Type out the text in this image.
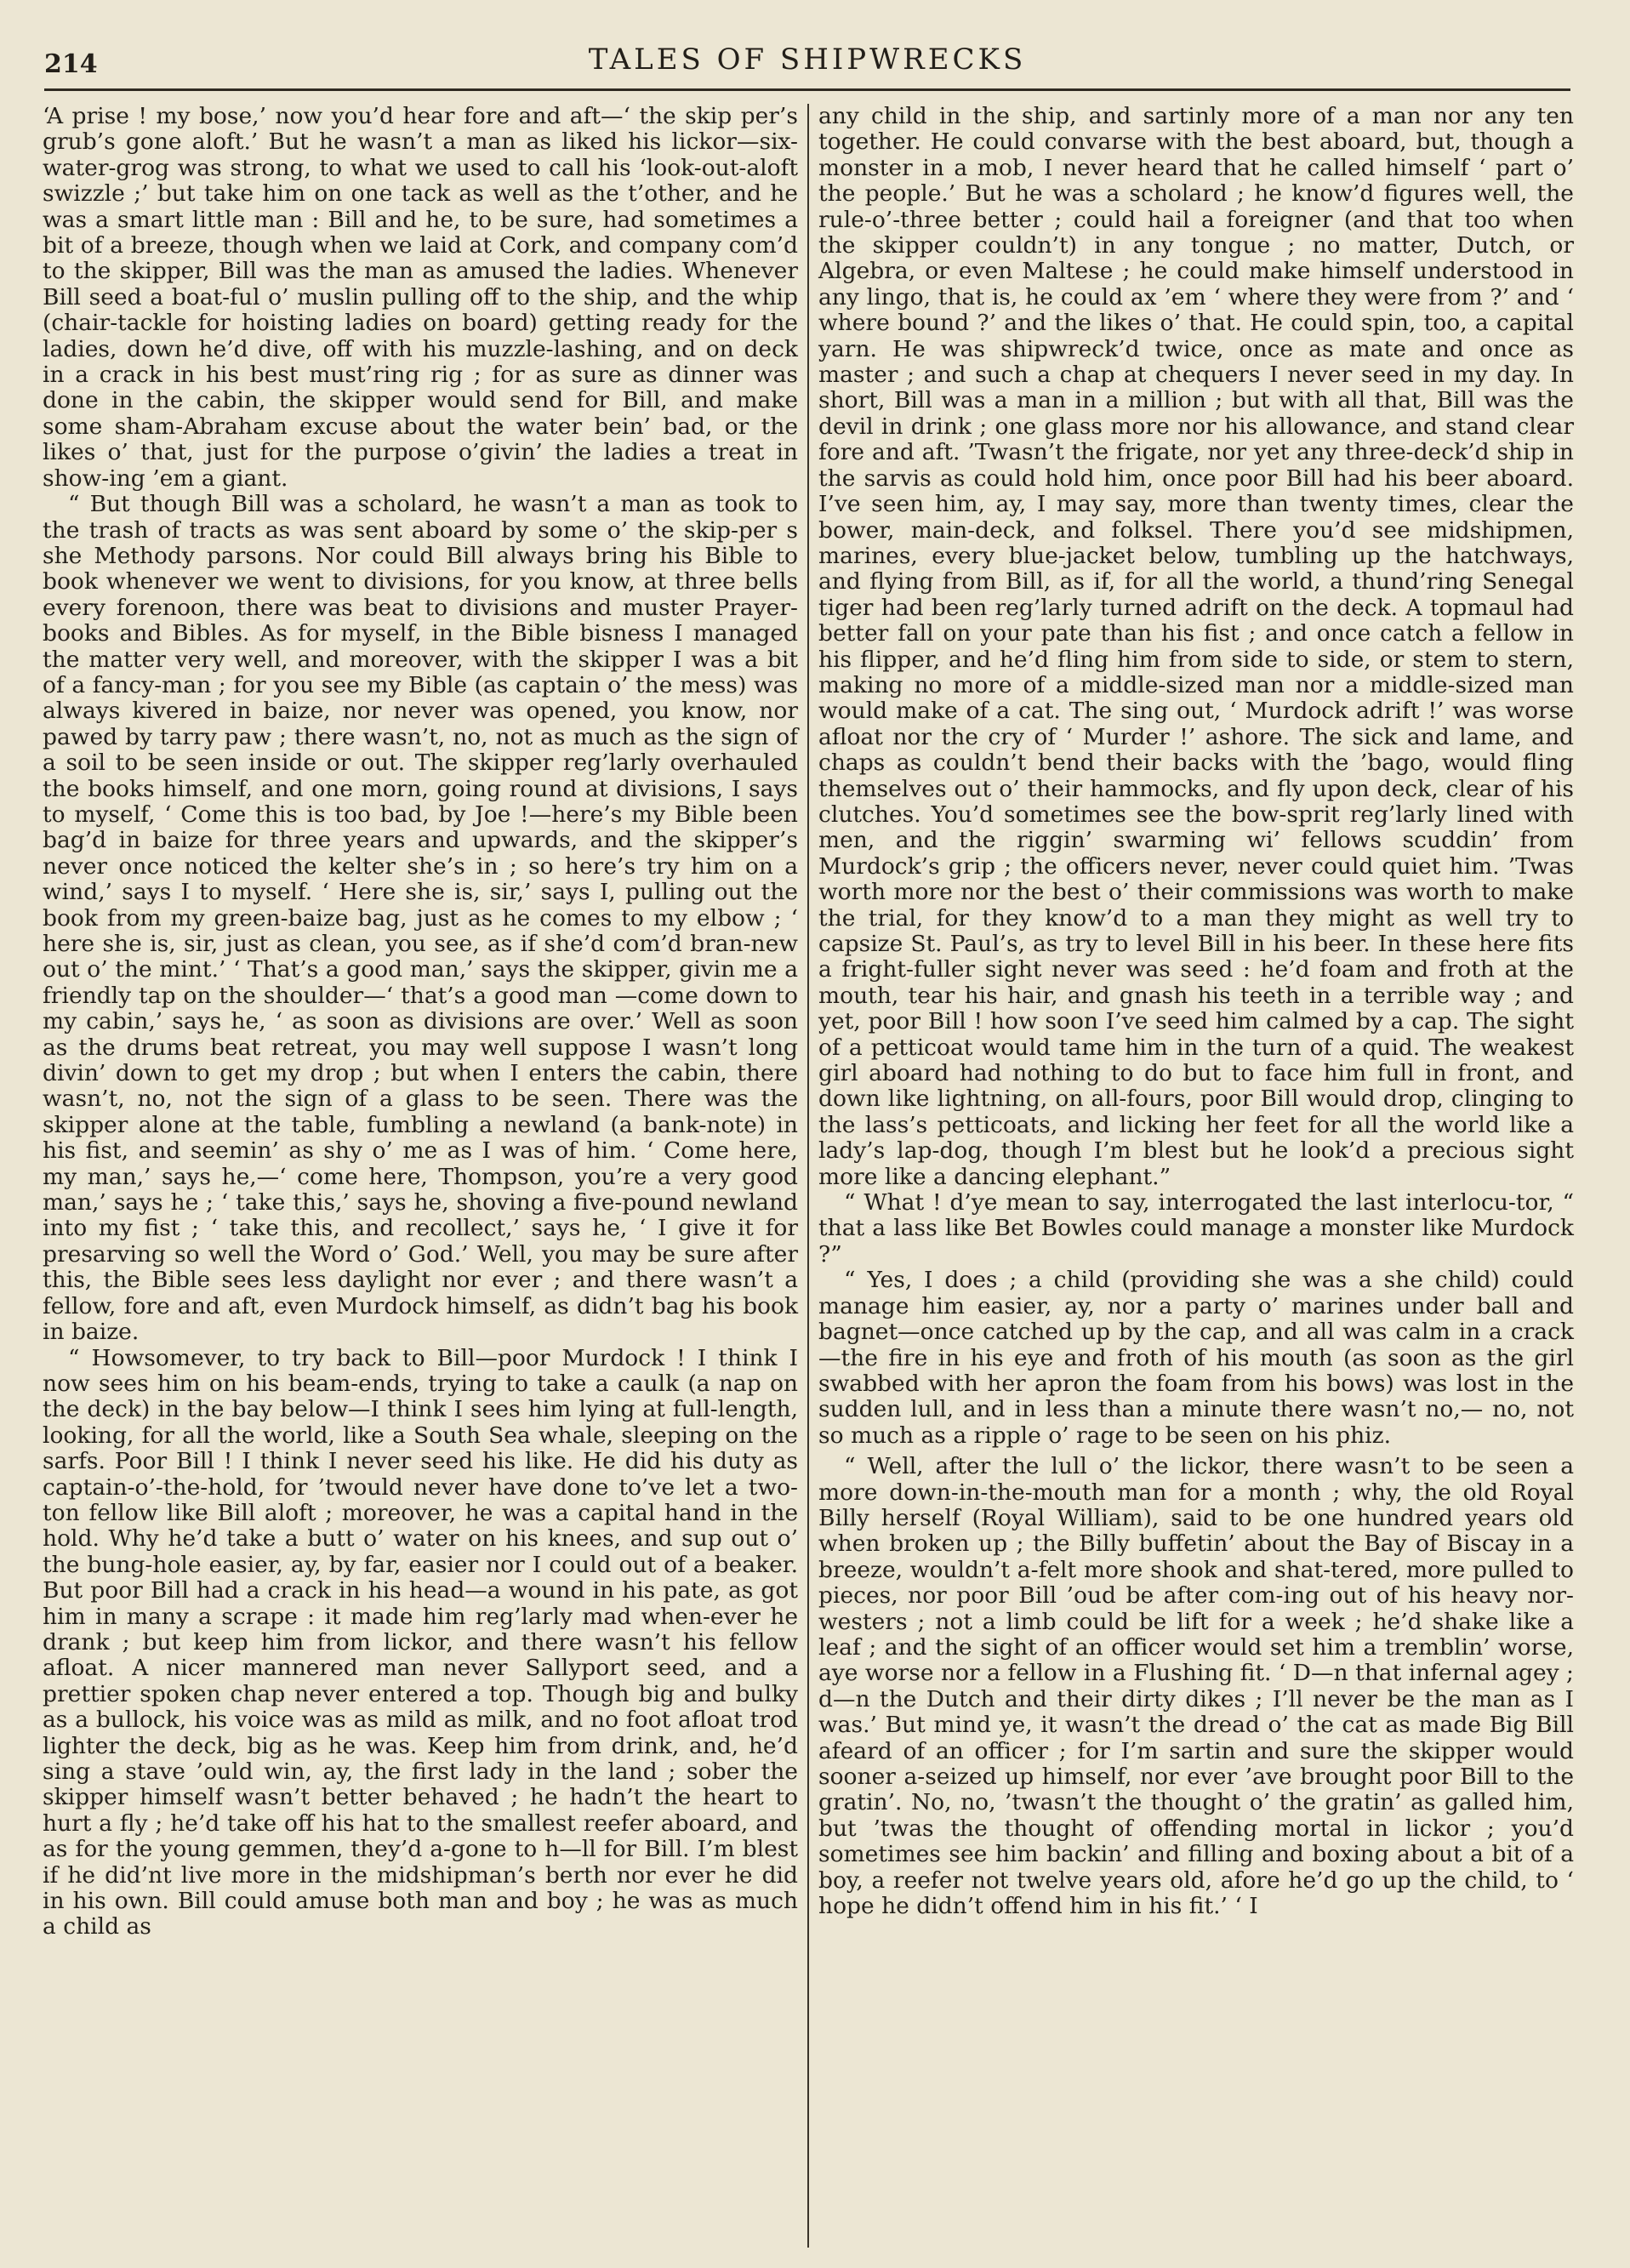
214	TALES OF SHIPWRECKS

‘A prise ! my bose,’ now you’d hear fore and aft—‘ the skip per’s grub’s gone aloft.’ But he wasn’t a man as liked his lickor—six-water-grog was strong, to what we used to call his ‘look-out-aloft swizzle ;’ but take him on one tack as well as the t’other, and he was a smart little man : Bill and he, to be sure, had sometimes a bit of a breeze, though when we laid at Cork, and company com’d to the skipper, Bill was the man as amused the ladies. Whenever Bill seed a boat-ful o’ muslin pulling off to the ship, and the whip (chair-tackle for hoisting ladies on board) getting ready for the ladies, down he’d dive, off with his muzzle-lashing, and on deck in a crack in his best must’ring rig ; for as sure as dinner was done in the cabin, the skipper would send for Bill, and make some sham-Abraham excuse about the water bein’ bad, or the likes o’ that, just for the purpose o’givin’ the ladies a treat in show-ing ’em a giant.

“ But though Bill was a scholard, he wasn’t a man as took to the trash of tracts as was sent aboard by some o’ the skip-per s she Methody parsons. Nor could Bill always bring his Bible to book whenever we went to divisions, for you know, at three bells every forenoon, there was beat to divisions and muster Prayer-books and Bibles. As for myself, in the Bible bisness I managed the matter very well, and moreover, with the skipper I was a bit of a fancy-man ; for you see my Bible (as captain o’ the mess) was always kivered in baize, nor never was opened, you know, nor pawed by tarry paw ; there wasn’t, no, not as much as the sign of a soil to be seen inside or out. The skipper reg’larly overhauled the books himself, and one morn, going round at divisions, I says to myself, ‘ Come this is too bad, by Joe !—here’s my Bible been bag’d in baize for three years and upwards, and the skipper’s never once noticed the kelter she’s in ; so here’s try him on a wind,’ says I to myself. ‘ Here she is, sir,’ says I, pulling out the book from my green-baize bag, just as he comes to my elbow ; ‘ here she is, sir, just as clean, you see, as if she’d com’d bran-new out o’ the mint.’ ‘ That’s a good man,’ says the skipper, givin me a friendly tap on the shoulder—‘ that’s a good man —come down to my cabin,’ says he, ‘ as soon as divisions are over.’ Well as soon as the drums beat retreat, you may well suppose I wasn’t long divin’ down to get my drop ; but when I enters the cabin, there wasn’t, no, not the sign of a glass to be seen. There was the skipper alone at the table, fumbling a newland (a bank-note) in his fist, and seemin’ as shy o’ me as I was of him. ‘ Come here, my man,’ says he,—‘ come here, Thompson, you’re a very good man,’ says he ; ‘ take this,’ says he, shoving a five-pound newland into my fist ; ‘ take this, and recollect,’ says he, ‘ I give it for presarving so well the Word o’ God.’ Well, you may be sure after this, the Bible sees less daylight nor ever ; and there wasn’t a fellow, fore and aft, even Murdock himself, as didn’t bag his book in baize.

“ Howsomever, to try back to Bill—poor Murdock ! I think I now sees him on his beam-ends, trying to take a caulk (a nap on the deck) in the bay below—I think I sees him lying at full-length, looking, for all the world, like a South Sea whale, sleeping on the sarfs. Poor Bill ! I think I never seed his like. He did his duty as captain-o’-the-hold, for ’twould never have done to’ve let a two-ton fellow like Bill aloft ; moreover, he was a capital hand in the hold. Why he’d take a butt o’ water on his knees, and sup out o’ the bung-hole easier, ay, by far, easier nor I could out of a beaker. But poor Bill had a crack in his head—a wound in his pate, as got him in many a scrape : it made him reg’larly mad when-ever he drank ; but keep him from lickor, and there wasn’t his fellow afloat. A nicer mannered man never Sallyport seed, and a prettier spoken chap never entered a top. Though big and bulky as a bullock, his voice was as mild as milk, and no foot afloat trod lighter the deck, big as he was. Keep him from drink, and, he’d sing a stave ’ould win, ay, the first lady in the land ; sober the skipper himself wasn’t better behaved ; he hadn’t the heart to hurt a fly ; he’d take off his hat to the smallest reefer aboard, and as for the young gemmen, they’d a-gone to h—ll for Bill. I’m blest if he did’nt live more in the midshipman’s berth nor ever he did in his own. Bill could amuse both man and boy ; he was as much a child as

any child in the ship, and sartinly more of a man nor any ten together. He could convarse with the best aboard, but, though a monster in a mob, I never heard that he called himself ‘ part o’ the people.’ But he was a scholard ; he know’d figures well, the rule-o’-three better ; could hail a foreigner (and that too when the skipper couldn’t) in any tongue ; no matter, Dutch, or Algebra, or even Maltese ; he could make himself understood in any lingo, that is, he could ax ’em ‘ where they were from ?’ and ‘ where bound ?’ and the likes o’ that. He could spin, too, a capital yarn. He was shipwreck’d twice, once as mate and once as master ; and such a chap at chequers I never seed in my day. In short, Bill was a man in a million ; but with all that, Bill was the devil in drink ; one glass more nor his allowance, and stand clear fore and aft. ’Twasn’t the frigate, nor yet any three-deck’d ship in the sarvis as could hold him, once poor Bill had his beer aboard. I’ve seen him, ay, I may say, more than twenty times, clear the bower, main-deck, and folksel. There you’d see midshipmen, marines, every blue-jacket below, tumbling up the hatchways, and flying from Bill, as if, for all the world, a thund’ring Senegal tiger had been reg’larly turned adrift on the deck. A topmaul had better fall on your pate than his fist ; and once catch a fellow in his flipper, and he’d fling him from side to side, or stem to stern, making no more of a middle-sized man nor a middle-sized man would make of a cat. The sing out, ‘ Murdock adrift !’ was worse afloat nor the cry of ‘ Murder !’ ashore. The sick and lame, and chaps as couldn’t bend their backs with the ’bago, would fling themselves out o’ their hammocks, and fly upon deck, clear of his clutches. You’d sometimes see the bow-sprit reg’larly lined with men, and the riggin’ swarming wi’ fellows scuddin’ from Murdock’s grip ; the officers never, never could quiet him. ’Twas worth more nor the best o’ their commissions was worth to make the trial, for they know’d to a man they might as well try to capsize St. Paul’s, as try to level Bill in his beer. In these here fits a fright-fuller sight never was seed : he’d foam and froth at the mouth, tear his hair, and gnash his teeth in a terrible way ; and yet, poor Bill ! how soon I’ve seed him calmed by a cap. The sight of a petticoat would tame him in the turn of a quid. The weakest girl aboard had nothing to do but to face him full in front, and down like lightning, on all-fours, poor Bill would drop, clinging to the lass’s petticoats, and licking her feet for all the world like a lady’s lap-dog, though I’m blest but he look’d a precious sight more like a dancing elephant.”

“ What ! d’ye mean to say, interrogated the last interlocu-tor, “ that a lass like Bet Bowles could manage a monster like Murdock ?”

“ Yes, I does ; a child (providing she was a she child) could manage him easier, ay, nor a party o’ marines under ball and bagnet—once catched up by the cap, and all was calm in a crack—the fire in his eye and froth of his mouth (as soon as the girl swabbed with her apron the foam from his bows) was lost in the sudden lull, and in less than a minute there wasn’t no,— no, not so much as a ripple o’ rage to be seen on his phiz.

“ Well, after the lull o’ the lickor, there wasn’t to be seen a more down-in-the-mouth man for a month ; why, the old Royal Billy herself (Royal William), said to be one hundred years old when broken up ; the Billy buffetin’ about the Bay of Biscay in a breeze, wouldn’t a-felt more shook and shat-tered, more pulled to pieces, nor poor Bill ’oud be after com-ing out of his heavy nor-westers ; not a limb could be lift for a week ; he’d shake like a leaf ; and the sight of an officer would set him a tremblin’ worse, aye worse nor a fellow in a Flushing fit. ‘ D—n that infernal agey ; d—n the Dutch and their dirty dikes ; I’ll never be the man as I was.’ But mind ye, it wasn’t the dread o’ the cat as made Big Bill afeard of an officer ; for I’m sartin and sure the skipper would sooner a-seized up himself, nor ever ’ave brought poor Bill to the gratin’. No, no, ’twasn’t the thought o’ the gratin’ as galled him, but ’twas the thought of offending mortal in lickor ; you’d sometimes see him backin’ and filling and boxing about a bit of a boy, a reefer not twelve years old, afore he’d go up the child, to ‘ hope he didn’t offend him in his fit.’ ‘ I
